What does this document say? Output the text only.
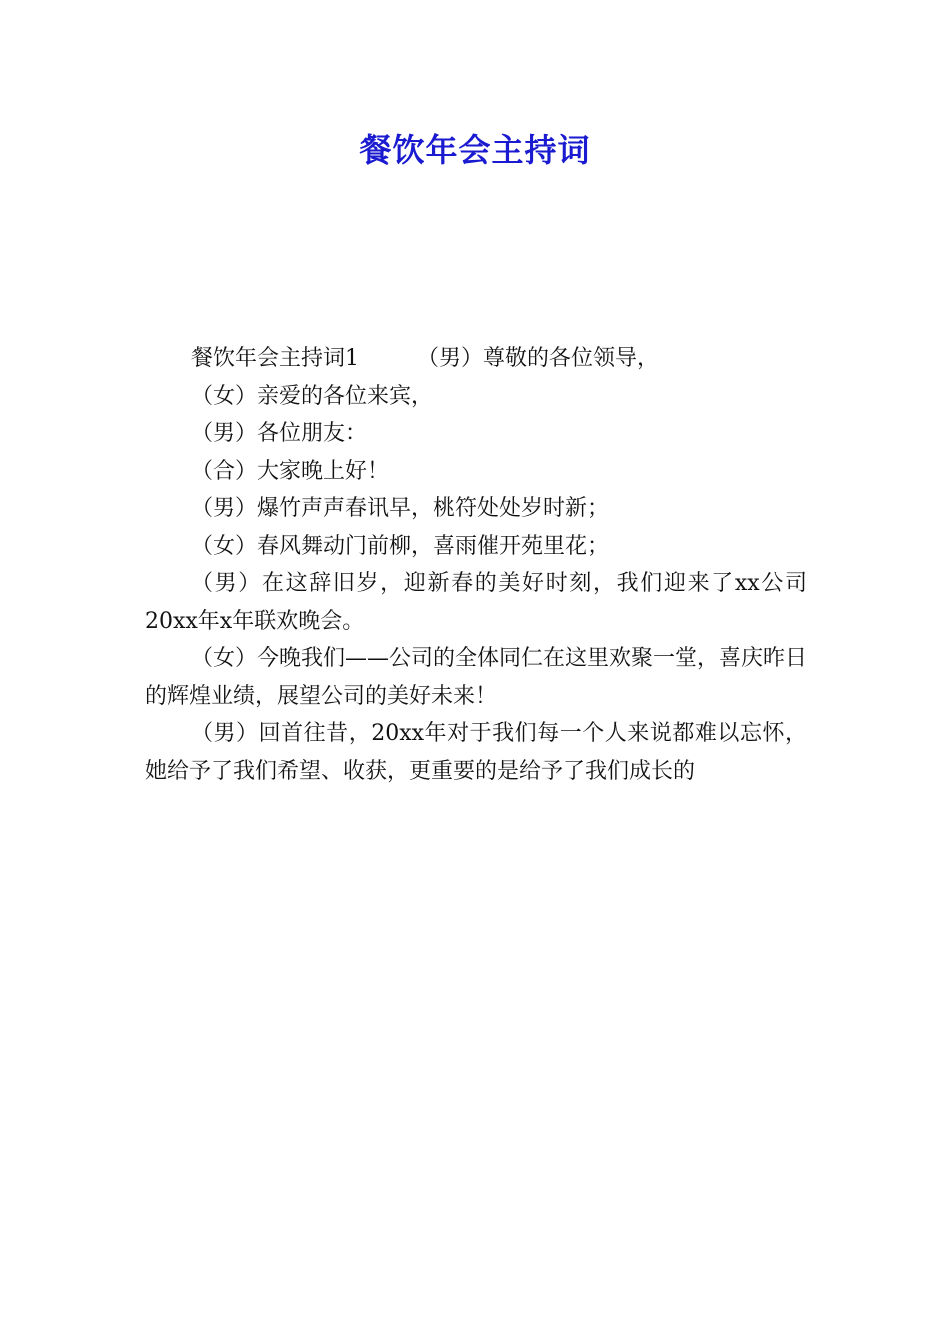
餐饮年会主持词

餐饮年会主持词1	（男）尊敬的各位领导，

（女）亲爱的各位来宾，

（男）各位朋友：

（合）大家晚上好！

（男）爆竹声声春讯早，桃符处处岁时新；

（女）春风舞动门前柳，喜雨催开苑里花；

（男）在这辞旧岁，迎新春的美好时刻，我们迎来了xx公司20xx年x年联欢晚会。

（女）今晚我们——公司的全体同仁在这里欢聚一堂，喜庆昨日的辉煌业绩，展望公司的美好未来！

（男）回首往昔，20xx年对于我们每一个人来说都难以忘怀，她给予了我们希望、收获，更重要的是给予了我们成长的
